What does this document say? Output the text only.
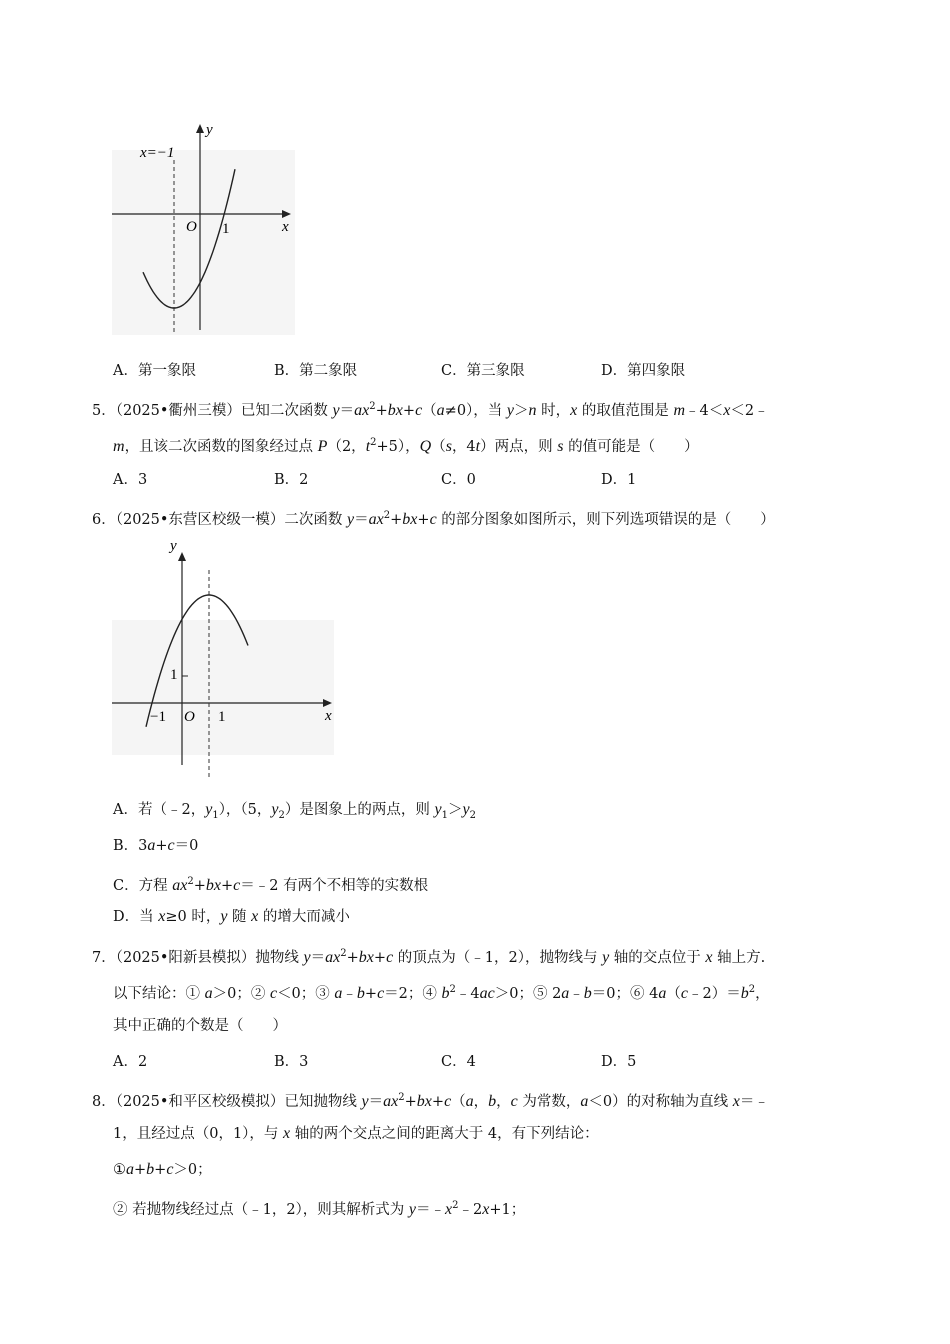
x=−1
y
x
O 1
y
x
O
−1	1
1
A．第一象限	B．第二象限	C．第三象限	D．第四象限
5．（2025•衢州三模）已知二次函数 $y=ax^2+bx+c(a\ne 0)$，当 y＞n 时，x 的取值范围是 m﹣4＜x＜2﹣
m，且该二次函数的图象经过点 P（2，$t^2+5$），Q（s，4t）两点，则 s 的值可能是（　　）
A．3	B．2	C．0	D．1
6．（2025•东营区校级一模）二次函数 $y=ax^2+bx+c$ 的部分图象如图所示，则下列选项错误的是（　　）
A．若（﹣2，$y_1$），（5，$y_2$）是图象上的两点，则 $y_1>y_2$
B．3a+c＝0
C．方程 $ax^2+bx+c=﹣2$ 有两个不相等的实数根
D．当 x≥0 时，y 随 x 的增大而减小
7．（2025•阳新县模拟）抛物线 $y=ax^2+bx+c$ 的顶点为（﹣1，2），抛物线与 y 轴的交点位于 x 轴上方.
以下结论：① a＞0；② c＜0；③ a﹣b+c＝2；④ $b^2﹣4ac>0$；⑤ 2a﹣b＝0；⑥ $4a(c﹣2)=b^2$，
其中正确的个数是（　　）
A．2	B．3	C．4	D．5
8．（2025•和平区校级模拟）已知抛物线 $y=ax^2+bx+c(a$，b，c 为常数，a＜0）的对称轴为直线 x＝﹣
1，且经过点（0，1），与 x 轴的两个交点之间的距离大于 4，有下列结论：
①a+b+c＞0；
② 若抛物线经过点（﹣1，2），则其解析式为 $y=﹣x^2﹣2x+1$；
